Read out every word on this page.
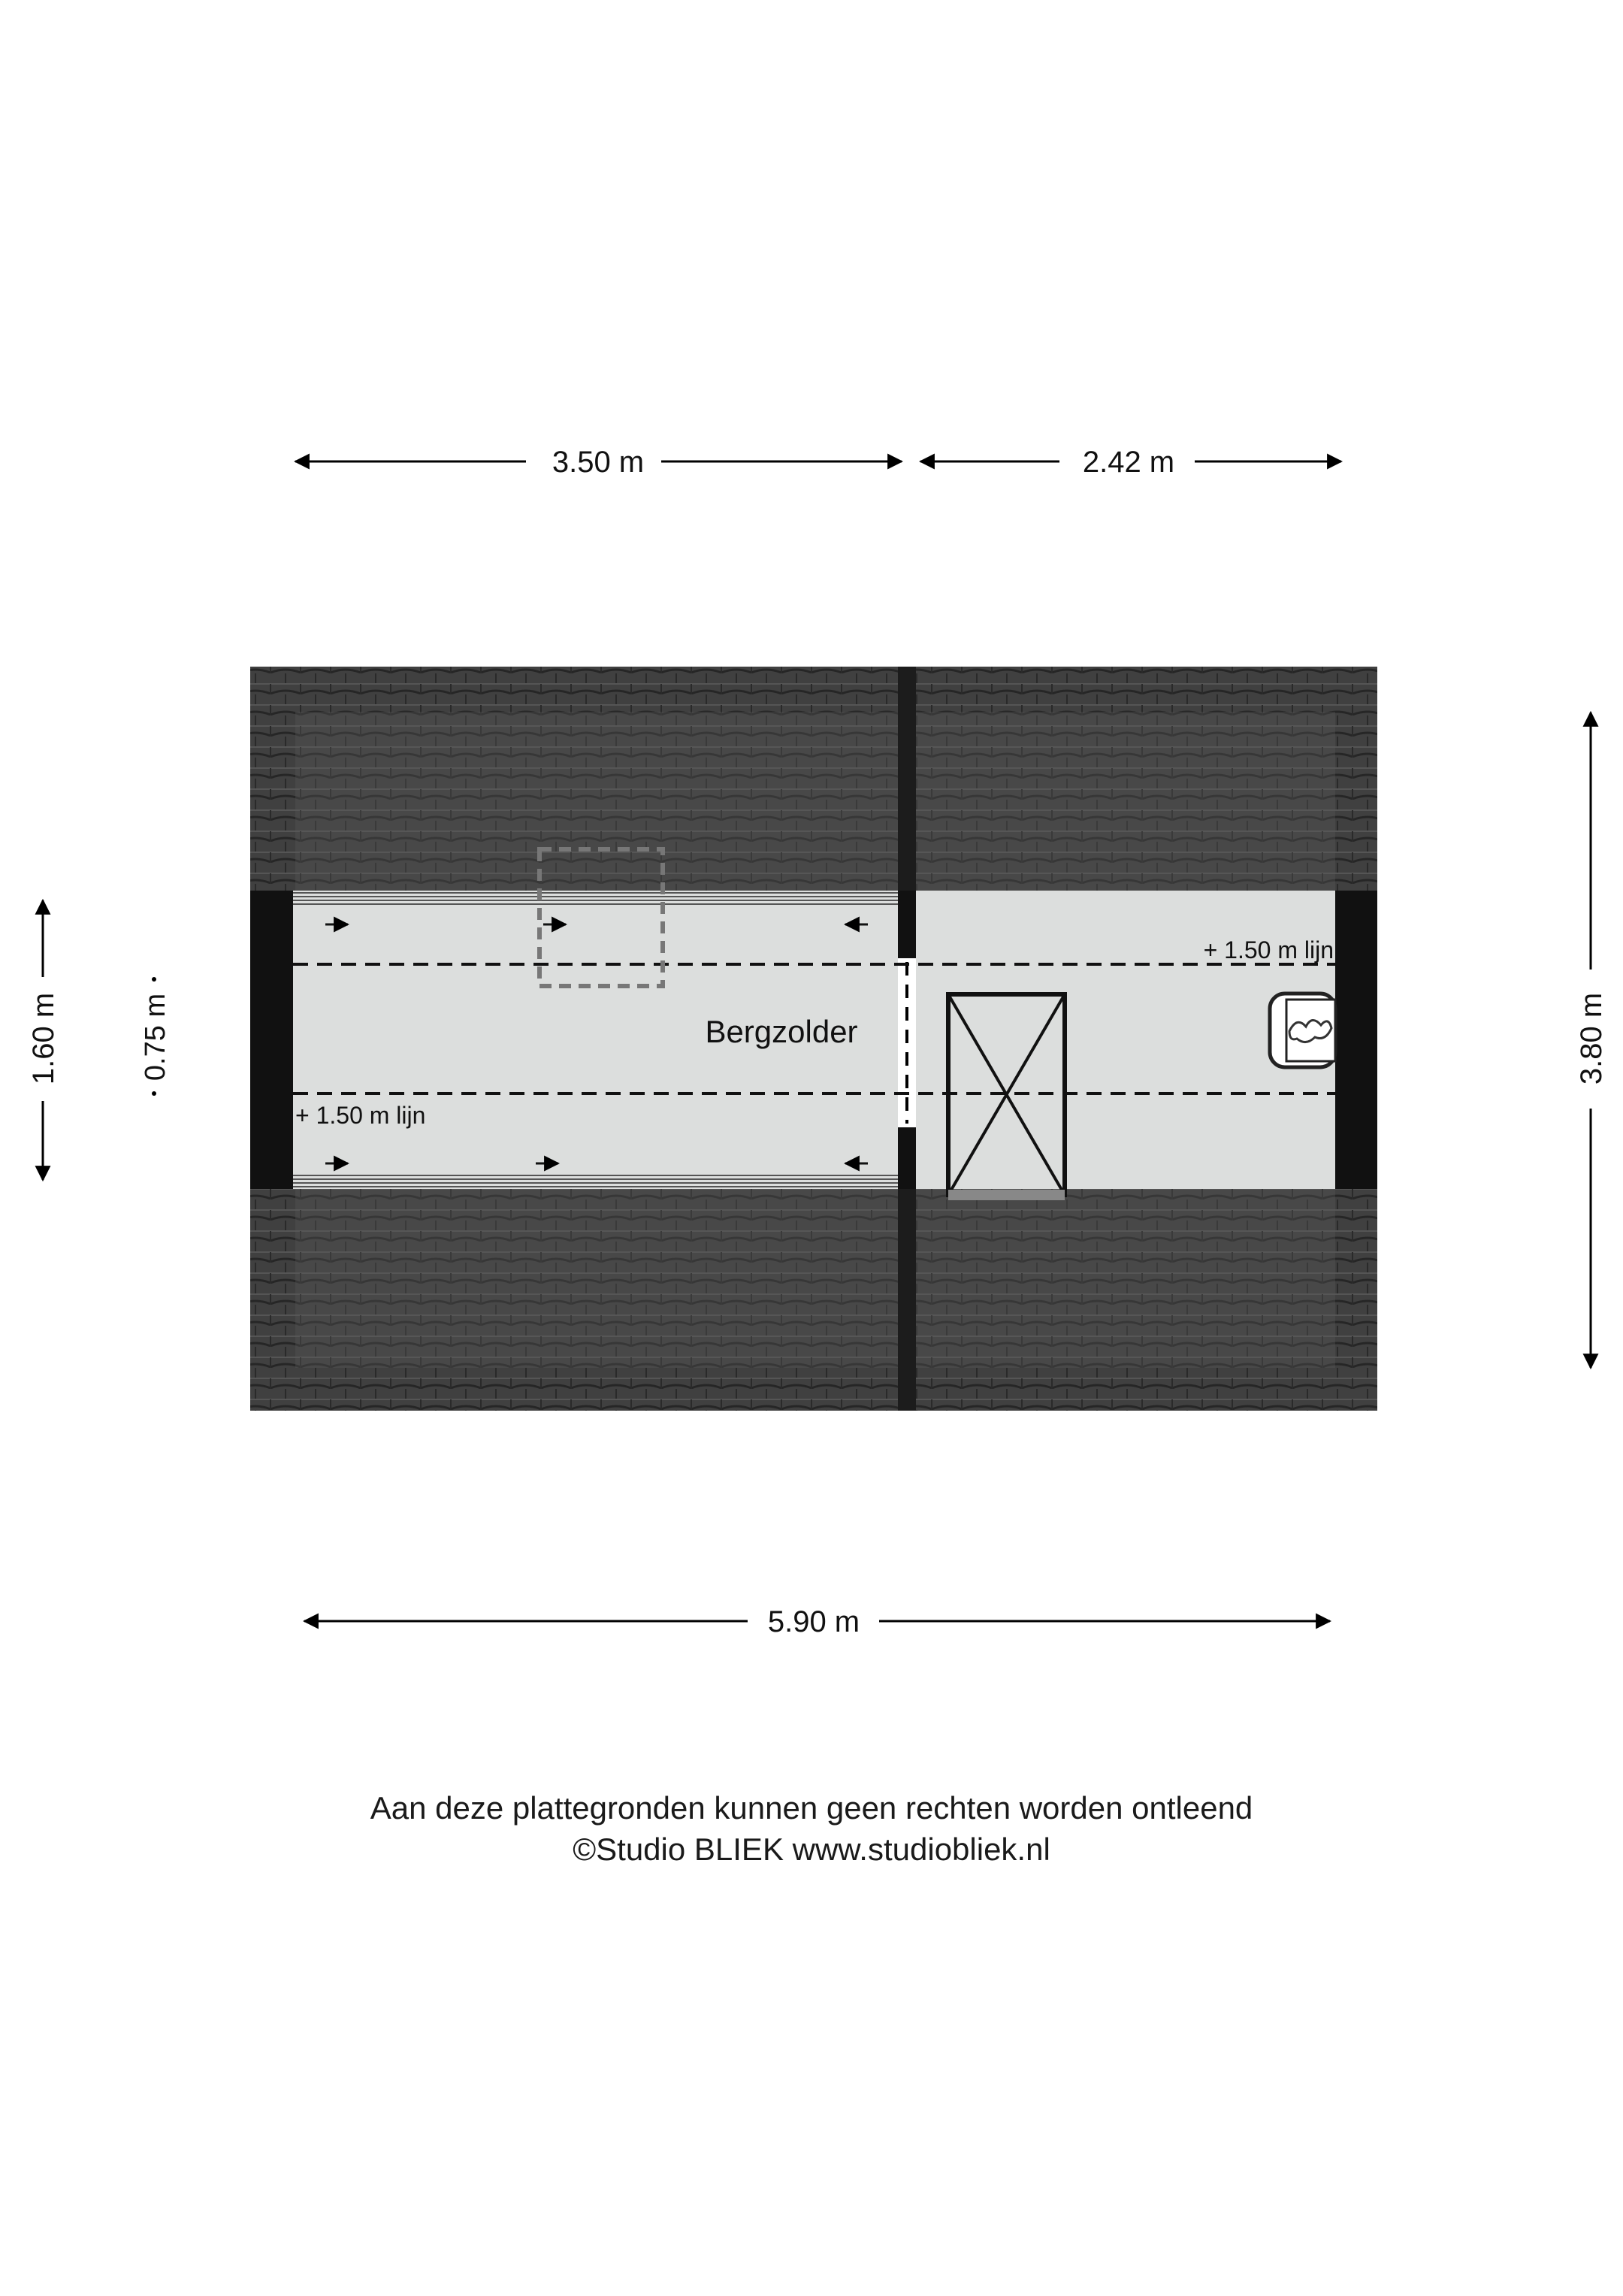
Bergzolder
+ 1.50 m lijn
+ 1.50 m lijn
3.50 m	2.42 m
5.90 m
1.60 m	0.75 m	3.80 m
Aan deze plattegronden kunnen geen rechten worden ontleend
©Studio BLIEK www.studiobliek.nl
